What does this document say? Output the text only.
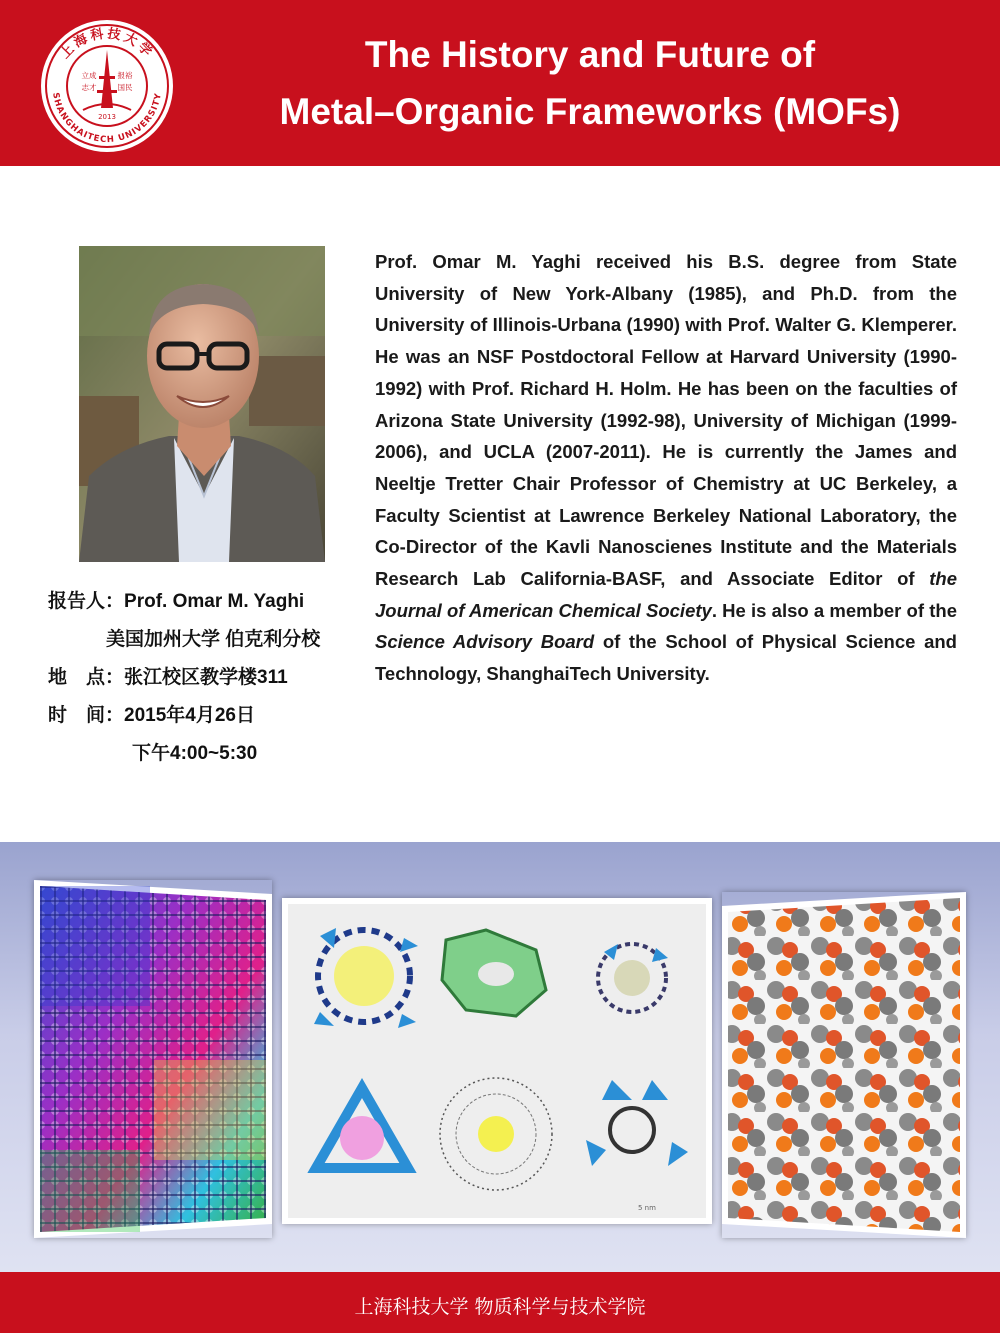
上海科技大学
SHANGHAITECH UNIVERSITY
立成
志才
报裕
国民
2013
The History and Future of
Metal–Organic Frameworks (MOFs)
报告人：Prof. Omar M. Yaghi
美国加州大学 伯克利分校
地　点：张江校区教学楼311
时　间：2015年4月26日
下午4:00~5:30
Prof. Omar M. Yaghi received his B.S. degree from State University of New York-Albany (1985), and Ph.D. from the University of Illinois-Urbana (1990) with Prof. Walter G. Klemperer. He was an NSF Postdoctoral Fellow at Harvard University (1990-1992) with Prof. Richard H. Holm. He has been on the faculties of Arizona State University (1992-98), University of Michigan (1999-2006), and UCLA (2007-2011). He is currently the James and Neeltje Tretter Chair Professor of Chemistry at UC Berkeley, a Faculty Scientist at Lawrence Berkeley National Laboratory, the Co-Director of the Kavli Nanoscienes Institute and the Materials Research Lab California-BASF, and Associate Editor of the Journal of American Chemical Society. He is also a member of the Science Advisory Board of the School of Physical Science and Technology, ShanghaiTech University.
5 nm
上海科技大学 物质科学与技术学院
